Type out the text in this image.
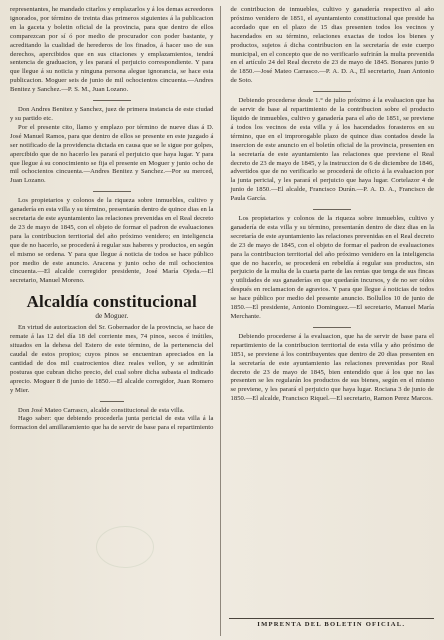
representantes, he mandado citarlos y emplazarlos y á los demas acreedores ignorados, por término de treinta dias primeros siguientes á la publicacion en la gaceta y boletin oficial de la provincia, para que dentro de ellos comparezcan por sí ó por medio de procurador con poder bastante, y acreditando la cualidad de herederos de los finados, á hacer uso de sus derechos, apercibidos que en sus citaciones y emplazamientos, tendrá sentencia de graduacion, y les parará el perjuicio correspondiente. Y para que llegue á su noticia y ninguna persona alegue ignorancia, se hace esta publicacion. Moguer seis de junio de mil ochocientos cincuenta.—Andres Benitez y Sanchez.—P. S. M., Juan Lozano.

Don Andres Benitez y Sanchez, juez de primera instancia de este ciudad y su partido etc.

Por el presente cito, llamo y emplazo por término de nueve dias á D. José Manuel Ramos, para que dentro de ellos se presente en este juzgado á ser notificado de la providencia dictada en causa que se le sigue por golpes, apercibido que de no hacerlo les parará el perjuicio que haya lugar. Y para que llegue á su conocimiento se fija el presente en Moguer y junio ocho de mil ochocientos cincuenta.—Andres Benitez y Sanchez.—Por su merced, Juan Lozano.

Los propietarios y colonos de la riqueza sobre inmuebles, cultivo y ganadería en esta villa y su término, presentarán dentro de quince dias en la secretaria de este ayuntamiento las relaciones prevenidas en el Real decreto de 23 de mayo de 1845, con el objeto de formar el padron de evaluaciones para la contribucion territorial del año próximo venidero; en inteligencia que de no hacerlo, se procederá á regular sus haberes y productos, en según el mismo se ordena. Y para que llegue á noticia de todos se hace público por medio de este anuncio. Aracena y junio ocho de mil ochocientos cincuenta.—El alcalde corregidor presidente, José María Ojeda.—El secretario, Manuel Moreno.

Alcaldía constitucional
de Moguer.

En virtud de autorizacion del Sr. Gobernador de la provincia, se hace de remate á las 12 del día 18 del corriente mes, 74 pinos, secos é inútiles, situados en la dehesa del Estero de este término, de la pertenencia del caudal de estos propios; cuyos pinos se encuentran apreciados en la cantidad de dos mil cuatrocientos diez reales vellon, y se admitirán posturas que cubran dicho precio, del cual sobre dicha subasta el indicado aprecio. Moguer 8 de junio de 1850.—El alcalde corregidor, Juan Romero y Mier.

Don José Mateo Carrasco, alcalde constitucional de esta villa.

Hago saber: que debiendo procederla junta pericial de esta villa á la formacion del amillaramiento que ha de servir de base para el repartimiento

de contribucion de inmuebles, cultivo y ganadería respectivo al año próximo venidero de 1851, el ayuntamiento constitucional que preside ha acordado que en el plazo de 15 dias presenten todos los vecinos y hacendados en su término, relaciones exactas de todos los bienes y productos, sujetos á dicha contribucion en la secretaría de este cuerpo municipal, en el concepto que de no verificarlo sufrirán la multa prevenida en el artículo 24 del Real decreto de 23 de mayo de 1845. Bonares junio 9 de 1850.—José Mateo Carrasco.—P. A. D. A., El secretario, Juan Antonio de Soto.

Debiendo procederse desde 1.° de julio próximo á la evaluacion que ha de servir de base al repartimiento de la contribucion sobre el producto líquido de inmuebles, cultivo y ganadería para el año de 1851, se previene á todos los vecinos de esta villa y á los hacendados forasteros en su término, que en el improrogable plazo de quince dias contados desde la insercion de este anuncio en el boletín oficial de la provincia, presenten en la secretaría de este ayuntamiento las relaciones que previene el Real decreto de 23 de mayo de 1845, y la instruccion de 6 de diciembre de 1846, advertidos que de no verificarlo se procederá de oficio á la evaluacion por la junta pericial, y les parará el perjuicio que haya lugar. Cortelazor 4 de junio de 1850.—El alcalde, Francisco Durán.—P. A. D. A., Francisco de Paula García.

Los propietarios y colonos de la riqueza sobre inmuebles, cultivo y ganadería de esta villa y su término, presentarán dentro de diez dias en la secretaría de este ayuntamiento las relaciones prevenidas en el Real decreto de 23 de mayo de 1845, con el objeto de formar el padron de evaluaciones para la contribucion territorial del año próximo venidero en la inteligencia que de no hacerlo, se procederá en rebeldía á regular sus productos, sin perjuicio de la multa de la cuarta parte de las rentas que tenga de sus fincas y utilidades de sus ganaderías en que quedarán incursos, y de no ser oídos después en reclamacion de agravios. Y para que llegue á noticias de todos se hace público por medio del presente anuncio. Bollullos 10 de junio de 1850.—El presidente, Antonio Dominguez.—El secretario, Manuel María Merchante.

Debiendo procederse á la evaluacion, que ha de servir de base para el repartimiento de la contribucion territorial de esta villa y año próximo de 1851, se previene á los contribuyentes que dentro de 20 dias presenten en la secretaría de este ayuntamiento las relaciones prevenidas por Real decreto de 23 de mayo de 1845, bien entendido que á los que no las presenten se les regularán los productos de sus bienes, según en el mismo se previene, y les parará el perjuicio que haya lugar. Rociana 3 de junio de 1850.—El alcalde, Francisco Riquel.—El secretario, Ramon Perez Marcos.

IMPRENTA DEL BOLETIN OFICIAL.
